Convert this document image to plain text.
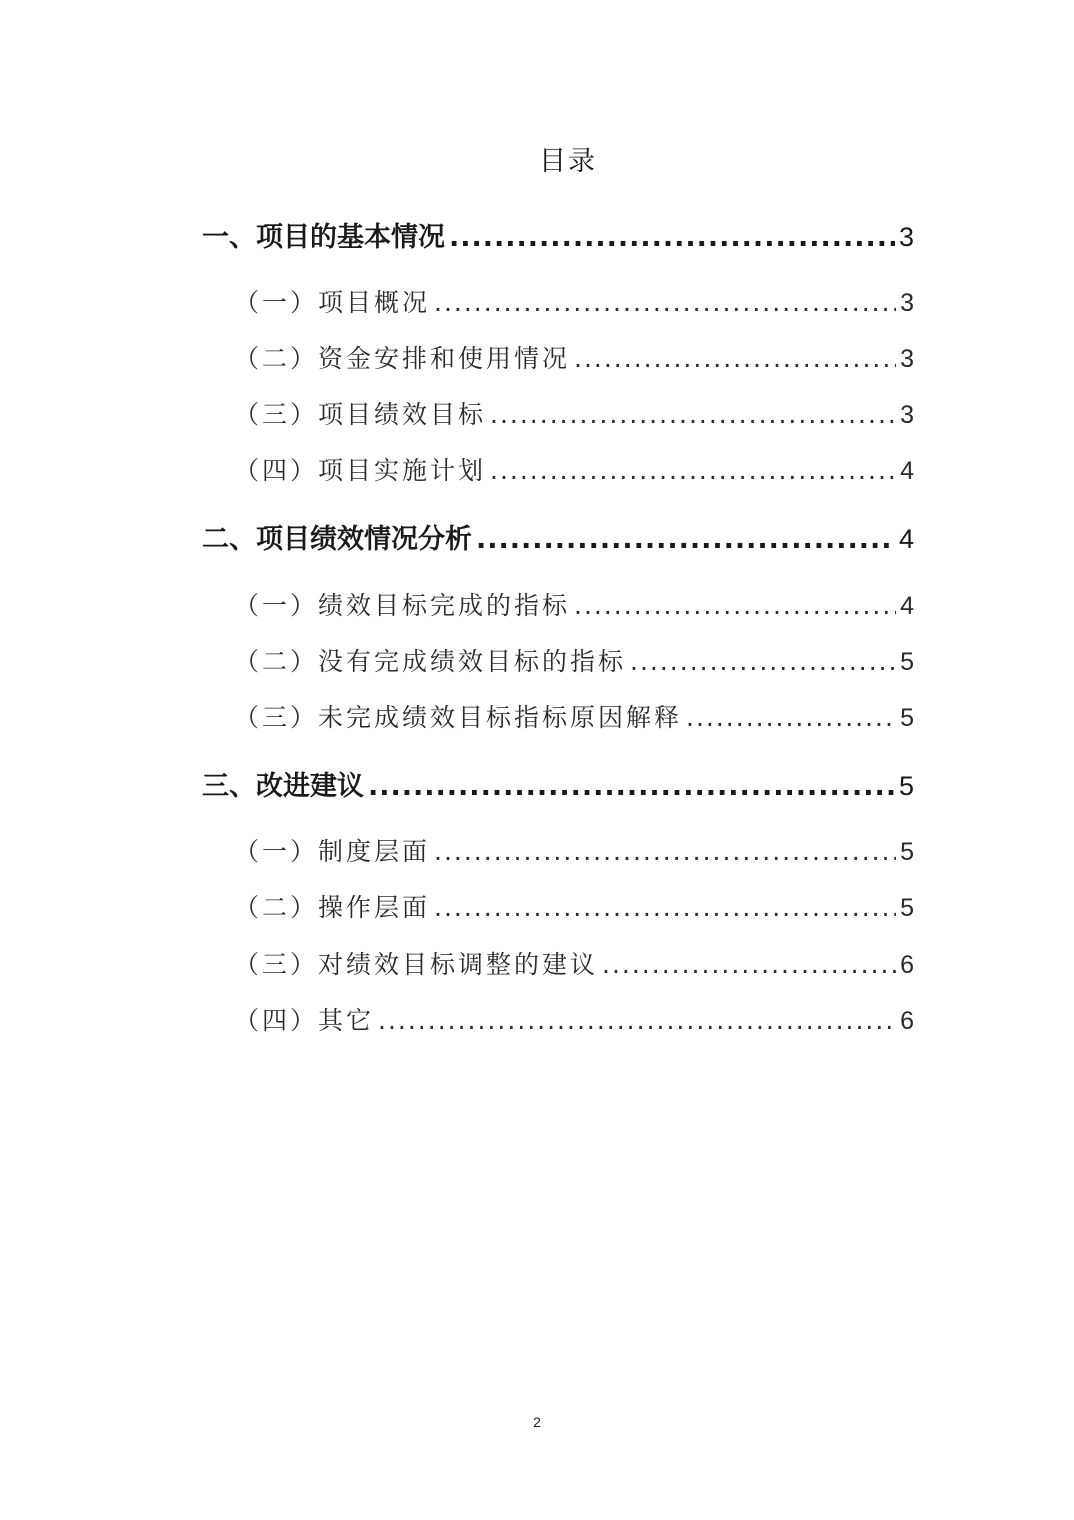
目录
一、项目的基本情况 .....	3
（一）项目概况 .....	3
（二）资金安排和使用情况 .....	3
（三）项目绩效目标 .....	3
（四）项目实施计划 .....	4
二、项目绩效情况分析 .....	4
（一）绩效目标完成的指标 .....	4
（二）没有完成绩效目标的指标 .....	5
（三）未完成绩效目标指标原因解释 .....	5
三、改进建议 .....	5
（一）制度层面 .....	5
（二）操作层面 .....	5
（三）对绩效目标调整的建议 .....	6
（四）其它 .....	6
2
